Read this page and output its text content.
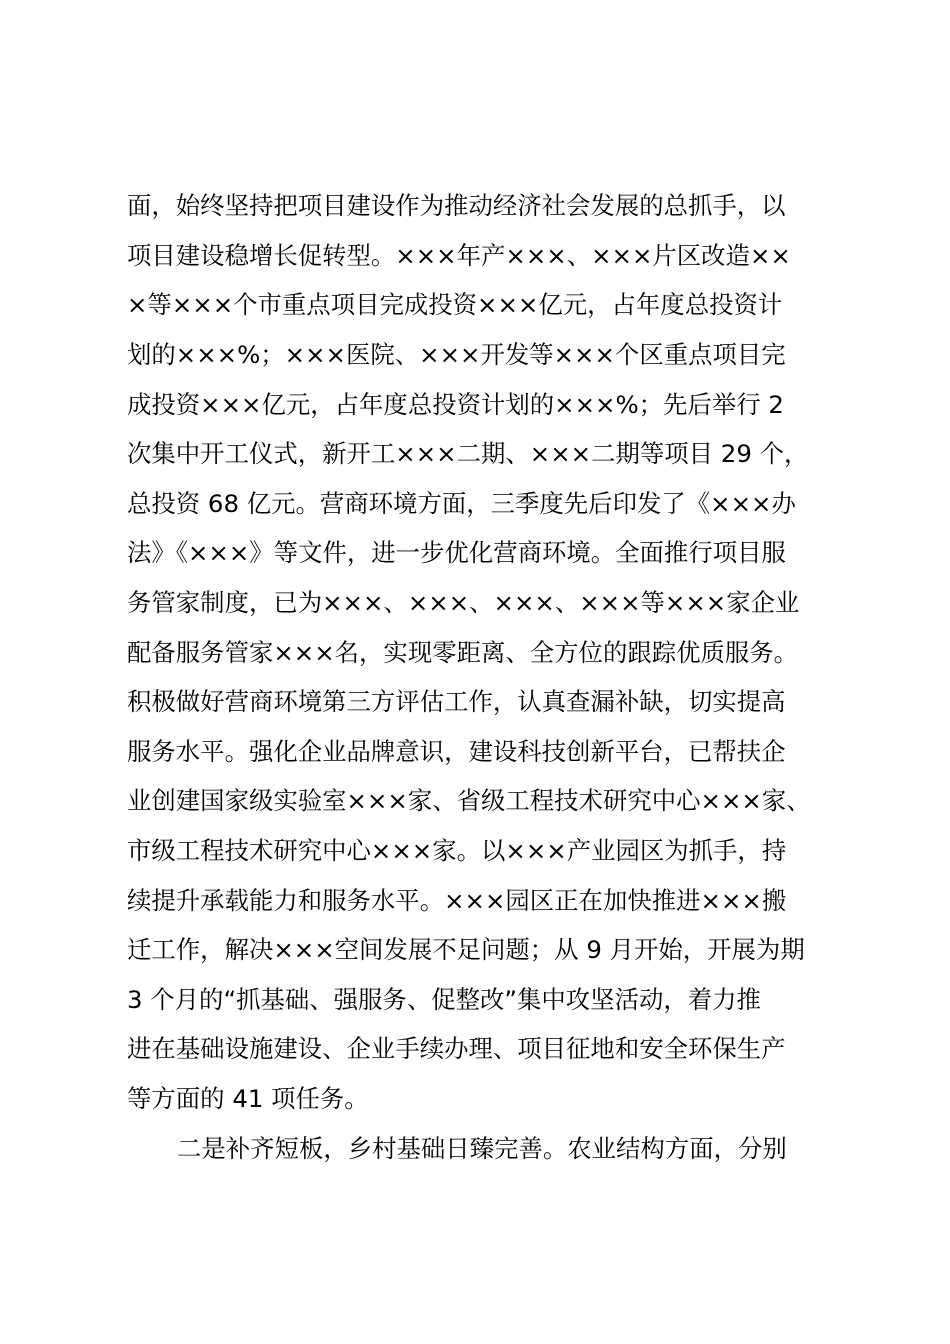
面，始终坚持把项目建设作为推动经济社会发展的总抓手，以
项目建设稳增长促转型。×××年产×××、×××片区改造××
×等×××个市重点项目完成投资×××亿元，占年度总投资计
划的×××%；×××医院、×××开发等×××个区重点项目完
成投资×××亿元，占年度总投资计划的×××%；先后举行 2
次集中开工仪式，新开工×××二期、×××二期等项目 29 个，
总投资 68 亿元。营商环境方面，三季度先后印发了《×××办
法》《×××》等文件，进一步优化营商环境。全面推行项目服
务管家制度，已为×××、×××、×××、×××等×××家企业
配备服务管家×××名，实现零距离、全方位的跟踪优质服务。
积极做好营商环境第三方评估工作，认真查漏补缺，切实提高
服务水平。强化企业品牌意识，建设科技创新平台，已帮扶企
业创建国家级实验室×××家、省级工程技术研究中心×××家、
市级工程技术研究中心×××家。以×××产业园区为抓手，持
续提升承载能力和服务水平。×××园区正在加快推进×××搬
迁工作，解决×××空间发展不足问题；从 9 月开始，开展为期
3 个月的“抓基础、强服务、促整改”集中攻坚活动，着力推
进在基础设施建设、企业手续办理、项目征地和安全环保生产
等方面的 41 项任务。
二是补齐短板，乡村基础日臻完善。农业结构方面，分别
